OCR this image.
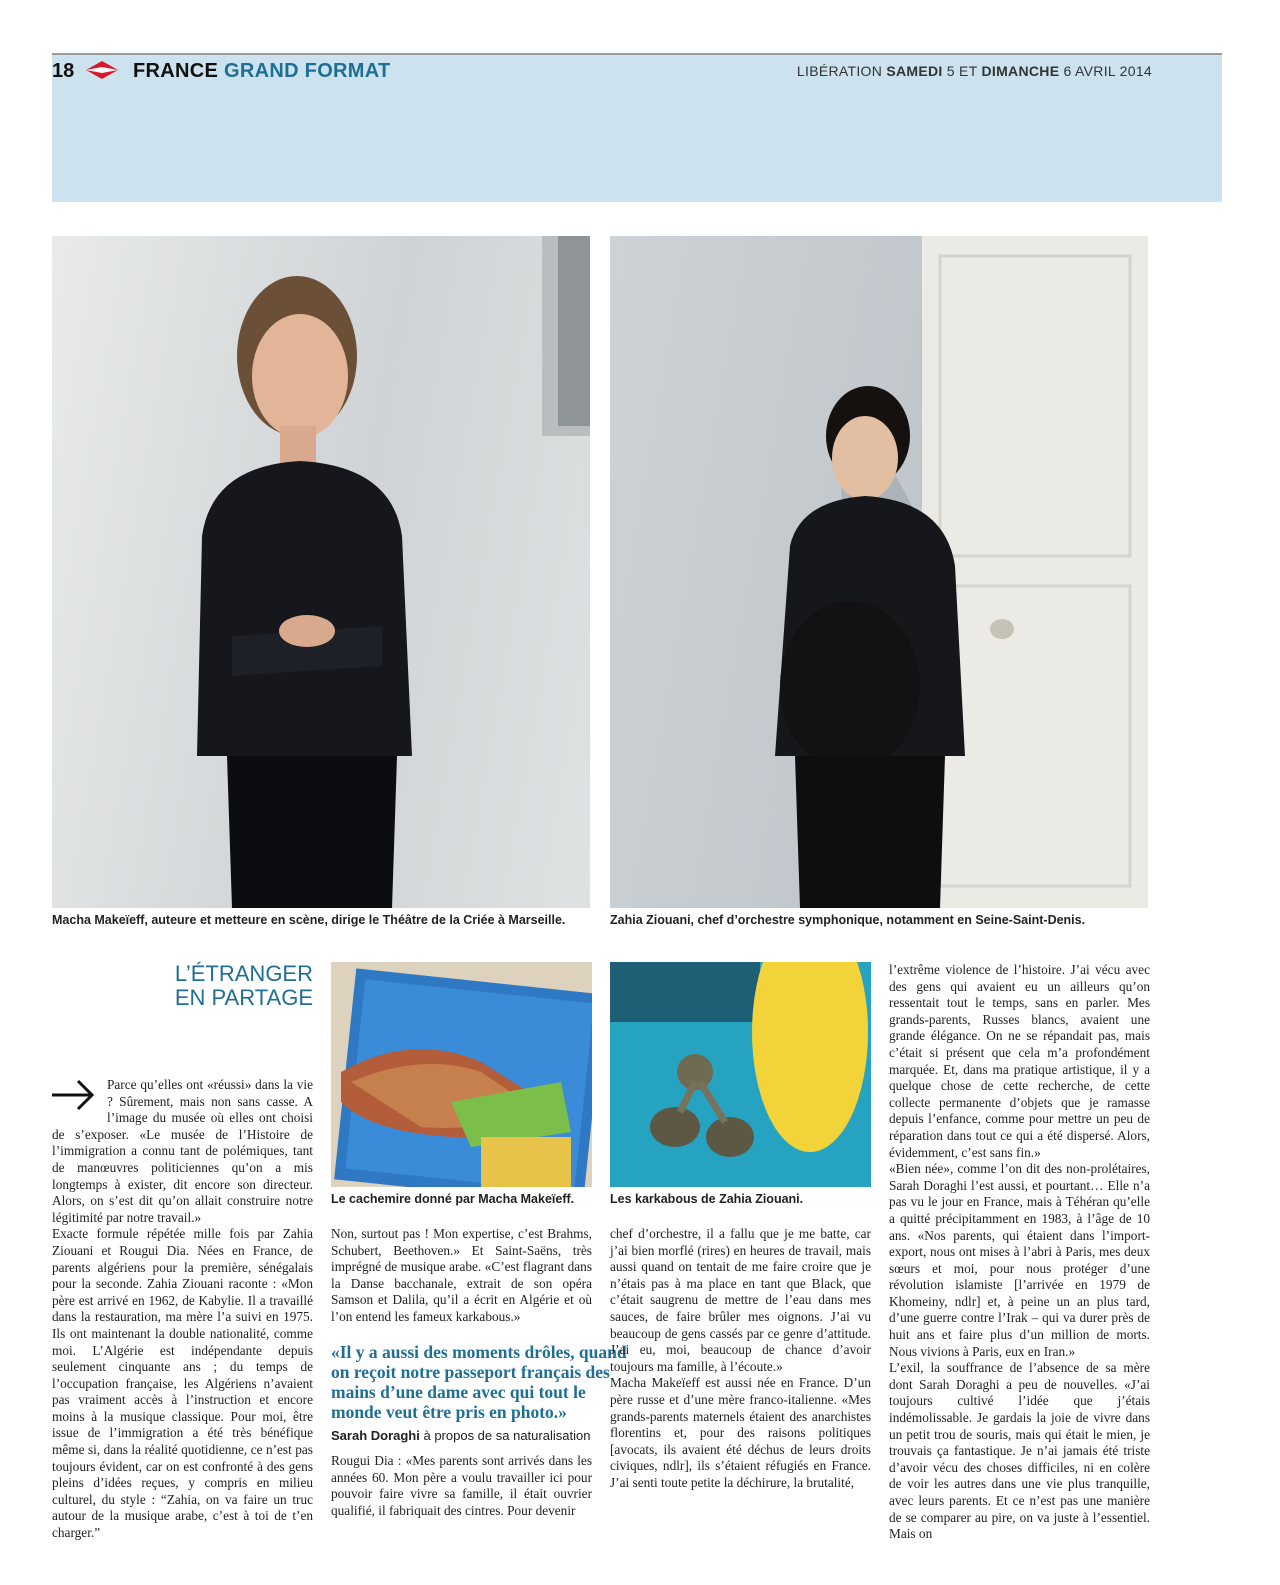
18	FRANCE GRAND FORMAT	LIBÉRATION SAMEDI 5 ET DIMANCHE 6 AVRIL 2014
Macha Makeïeff, auteure et metteure en scène, dirige le Théâtre de la Criée à Marseille.	Zahia Ziouani, chef d’orchestre symphonique, notamment en Seine-Saint-Denis.
L’ÉTRANGER
EN PARTAGE

Parce qu’elles ont «réussi» dans la vie ? Sûrement, mais non sans casse. A l’image du musée où elles ont choisi de s’exposer. «Le musée de l’Histoire de l’immigration a connu tant de polémiques, tant de manœuvres politiciennes qu’on a mis longtemps à exister, dit encore son directeur. Alors, on s’est dit qu’on allait construire notre légitimité par notre travail.»

Exacte formule répétée mille fois par Zahia Ziouani et Rougui Dia. Nées en France, de parents algériens pour la première, sénégalais pour la seconde. Zahia Ziouani raconte : «Mon père est arrivé en 1962, de Kabylie. Il a travaillé dans la restauration, ma mère l’a suivi en 1975. Ils ont maintenant la double nationalité, comme moi. L’Algérie est indépendante depuis seulement cinquante ans ; du temps de l’occupation française, les Algériens n’avaient pas vraiment accès à l’instruction et encore moins à la musique classique. Pour moi, être issue de l’immigration a été très bénéfique même si, dans la réalité quotidienne, ce n’est pas toujours évident, car on est confronté à des gens pleins d’idées reçues, y compris en milieu culturel, du style : “Zahia, on va faire un truc autour de la musique arabe, c’est à toi de t’en charger.”

Le cachemire donné par Macha Makeïeff.	Les karkabous de Zahia Ziouani.

Non, surtout pas ! Mon expertise, c’est Brahms, Schubert, Beethoven.» Et Saint-Saëns, très imprégné de musique arabe. «C’est flagrant dans la Danse bacchanale, extrait de son opéra Samson et Dalila, qu’il a écrit en Algérie et où l’on entend les fameux karkabous.»

«Il y a aussi des moments drôles, quand on reçoit notre passeport français des mains d’une dame avec qui tout le monde veut être pris en photo.»
Sarah Doraghi à propos de sa naturalisation

Rougui Dia : «Mes parents sont arrivés dans les années 60. Mon père a voulu travailler ici pour pouvoir faire vivre sa famille, il était ouvrier qualifié, il fabriquait des cintres. Pour devenir

chef d’orchestre, il a fallu que je me batte, car j’ai bien morflé (rires) en heures de travail, mais aussi quand on tentait de me faire croire que je n’étais pas à ma place en tant que Black, que c’était saugrenu de mettre de l’eau dans mes sauces, de faire brûler mes oignons. J’ai vu beaucoup de gens cassés par ce genre d’attitude. J’ai eu, moi, beaucoup de chance d’avoir toujours ma famille, à l’écoute.»

Macha Makeïeff est aussi née en France. D’un père russe et d’une mère franco-italienne. «Mes grands-parents maternels étaient des anarchistes florentins et, pour des raisons politiques [avocats, ils avaient été déchus de leurs droits civiques, ndlr], ils s’étaient réfugiés en France. J’ai senti toute petite la déchirure, la brutalité,

l’extrême violence de l’histoire. J’ai vécu avec des gens qui avaient eu un ailleurs qu’on ressentait tout le temps, sans en parler. Mes grands-parents, Russes blancs, avaient une grande élégance. On ne se répandait pas, mais c’était si présent que cela m’a profondément marquée. Et, dans ma pratique artistique, il y a quelque chose de cette recherche, de cette collecte permanente d’objets que je ramasse depuis l’enfance, comme pour mettre un peu de réparation dans tout ce qui a été dispersé. Alors, évidemment, c’est sans fin.»

«Bien née», comme l’on dit des non-prolétaires, Sarah Doraghi l’est aussi, et pourtant… Elle n’a pas vu le jour en France, mais à Téhéran qu’elle a quitté précipitamment en 1983, à l’âge de 10 ans. «Nos parents, qui étaient dans l’import-export, nous ont mises à l’abri à Paris, mes deux sœurs et moi, pour nous protéger d’une révolution islamiste [l’arrivée en 1979 de Khomeiny, ndlr] et, à peine un an plus tard, d’une guerre contre l’Irak – qui va durer près de huit ans et faire plus d’un million de morts. Nous vivions à Paris, eux en Iran.»

L’exil, la souffrance de l’absence de sa mère dont Sarah Doraghi a peu de nouvelles. «J’ai toujours cultivé l’idée que j’étais indémolissable. Je gardais la joie de vivre dans un petit trou de souris, mais qui était le mien, je trouvais ça fantastique. Je n’ai jamais été triste d’avoir vécu des choses difficiles, ni en colère de voir les autres dans une vie plus tranquille, avec leurs parents. Et ce n’est pas une manière de se comparer au pire, on va juste à l’essentiel. Mais on
